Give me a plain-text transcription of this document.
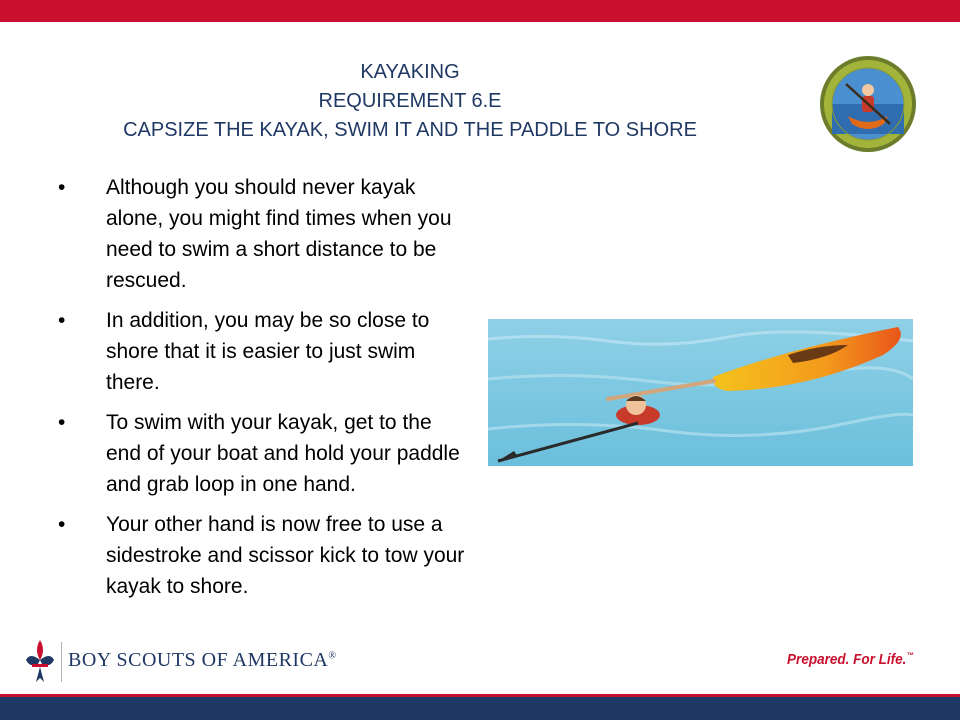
KAYAKING
REQUIREMENT 6.E
CAPSIZE THE KAYAK, SWIM IT AND THE PADDLE TO SHORE
• Although you should never kayak alone, you might find times when you need to swim a short distance to be rescued.
• In addition, you may be so close to shore that it is easier to just swim there.
• To swim with your kayak, get to the end of your boat and hold your paddle and grab loop in one hand.
• Your other hand is now free to use a sidestroke and scissor kick to tow your kayak to shore.
BOY SCOUTS OF AMERICA®	Prepared. For Life.™
